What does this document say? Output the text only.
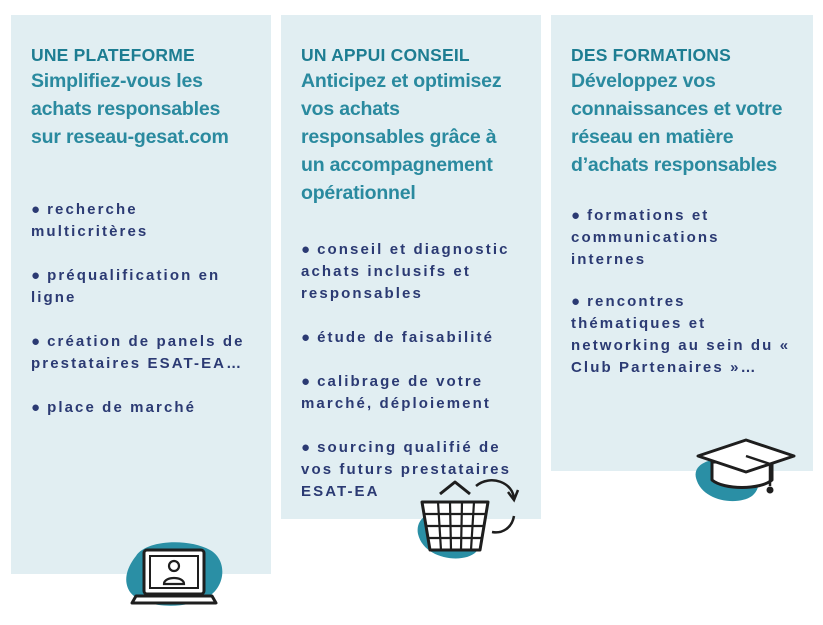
UNE PLATEFORME

Simplifiez-vous les achats responsables sur reseau-gesat.com

● recherche multicritères
● préqualification en ligne
● création de panels de prestataires ESAT-EA…
● place de marché
UN APPUI CONSEIL

Anticipez et optimisez vos achats responsables grâce à un accompagnement opérationnel

● conseil et diagnostic achats inclusifs et responsables
● étude de faisabilité
● calibrage de votre marché, déploiement
● sourcing qualifié de vos futurs prestataires ESAT-EA
DES FORMATIONS

Développez vos connaissances et votre réseau en matière d’achats responsables

● formations et communications internes
● rencontres thématiques et networking au sein du « Club Partenaires »…
